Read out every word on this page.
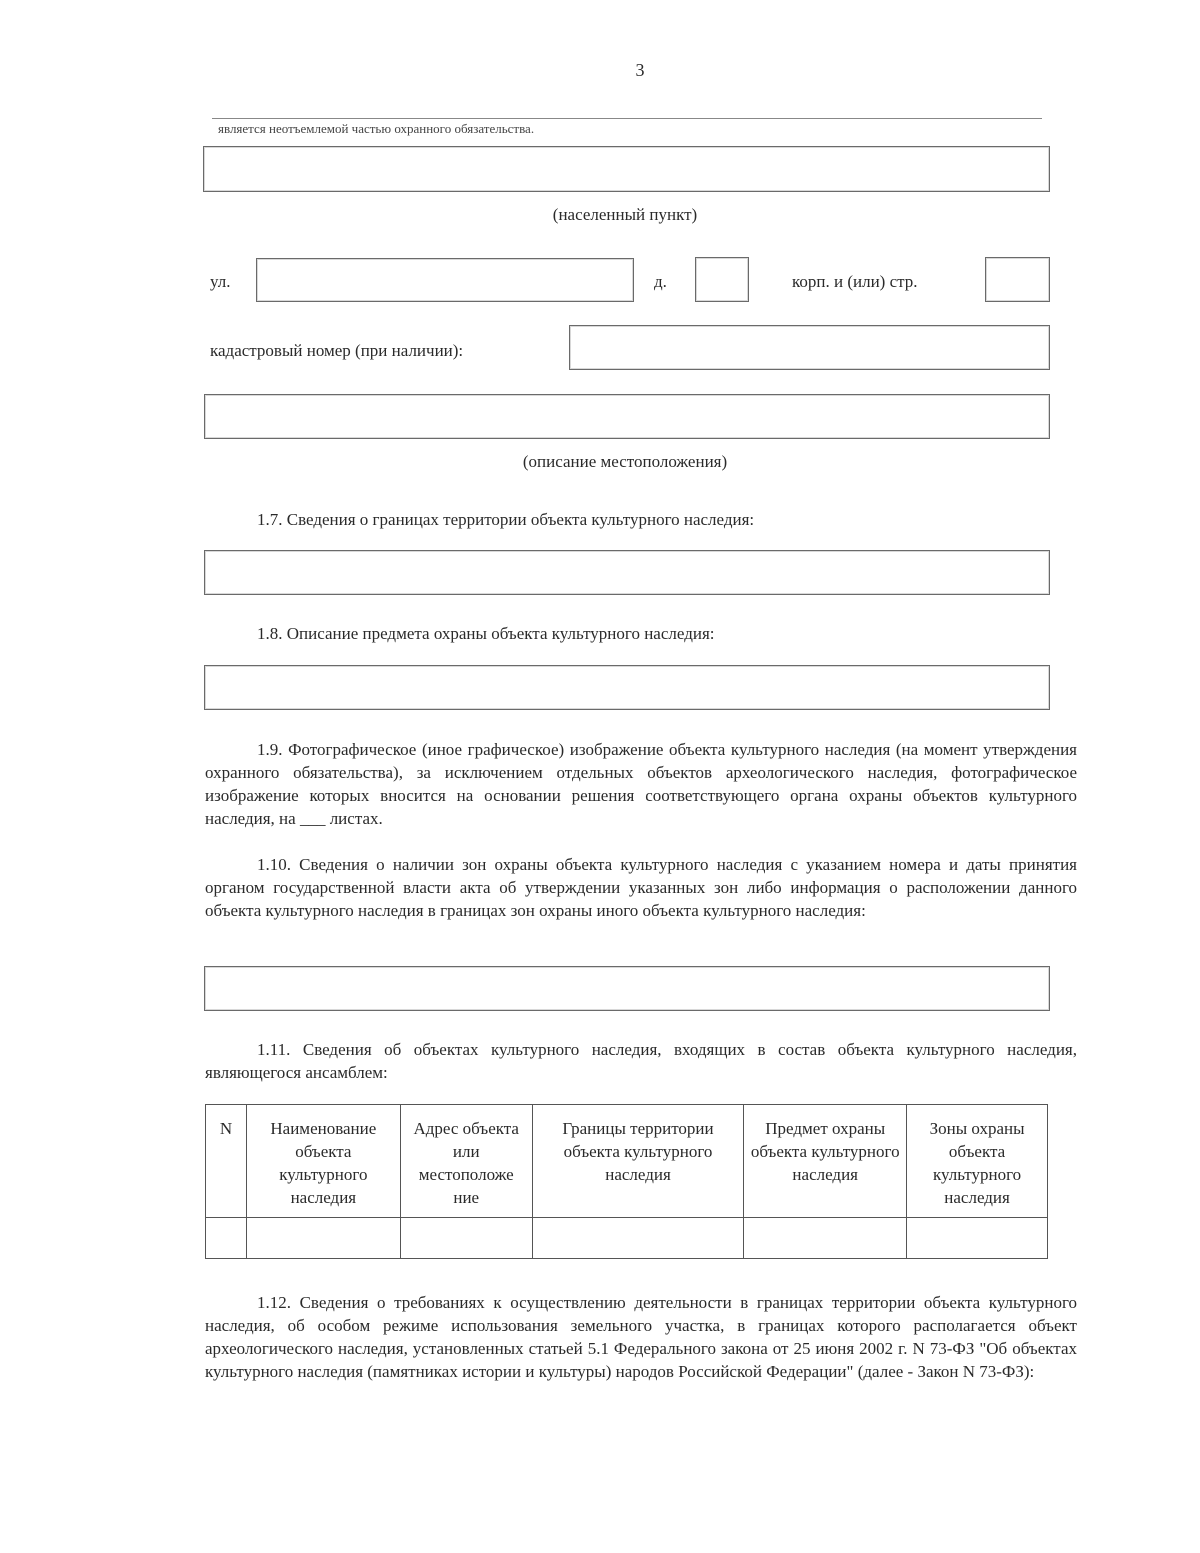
3
является неотъемлемой частью охранного обязательства.
(населенный пункт)
ул.	д.	корп. и (или) стр.
кадастровый номер (при наличии):
(описание местоположения)
1.7. Сведения о границах территории объекта культурного наследия:
1.8. Описание предмета охраны объекта культурного наследия:

1.9. Фотографическое (иное графическое) изображение объекта культурного наследия (на момент утверждения охранного обязательства), за исключением отдельных объектов археологического наследия, фотографическое изображение которых вносится на основании решения соответствующего органа охраны объектов культурного наследия, на ___ листах.

1.10. Сведения о наличии зон охраны объекта культурного наследия с указанием номера и даты принятия органом государственной власти акта об утверждении указанных зон либо информация о расположении данного объекта культурного наследия в границах зон охраны иного объекта культурного наследия:

1.11. Сведения об объектах культурного наследия, входящих в состав объекта культурного наследия, являющегося ансамблем:

N	Наименование объекта культурного наследия	Адрес объекта или местоположе ние	Границы территории объекта культурного наследия	Предмет охраны объекта культурного наследия	Зоны охраны объекта культурного наследия

1.12. Сведения о требованиях к осуществлению деятельности в границах территории объекта культурного наследия, об особом режиме использования земельного участка, в границах которого располагается объект археологического наследия, установленных статьей 5.1 Федерального закона от 25 июня 2002 г. N 73-ФЗ "Об объектах культурного наследия (памятниках истории и культуры) народов Российской Федерации" (далее - Закон N 73-ФЗ):
